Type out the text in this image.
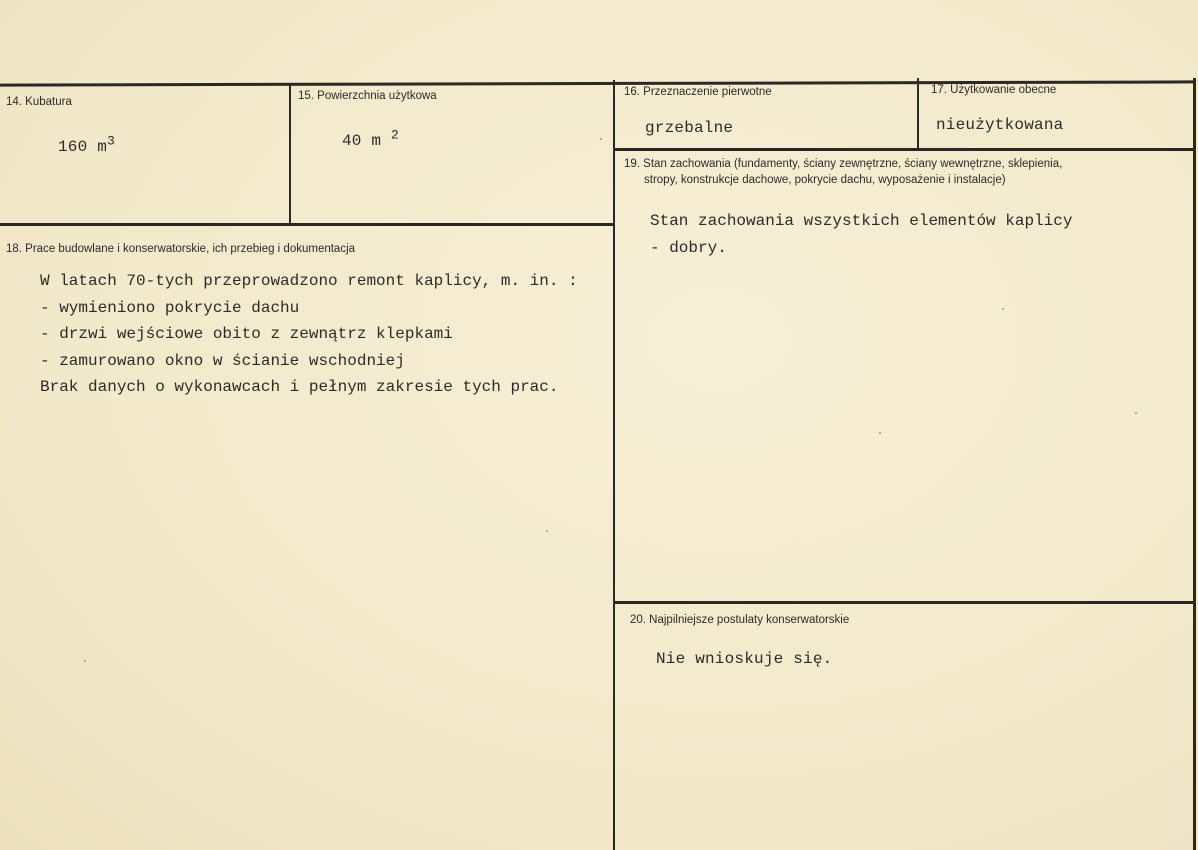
14. Kubatura
160 $m^3$
15. Powierzchnia użytkowa
40 m $^2$
16. Przeznaczenie pierwotne
grzebalne
17. Użytkowanie obecne
nieużytkowana
18. Prace budowlane i konserwatorskie, ich przebieg i dokumentacja
W latach 70-tych przeprowadzono remont kaplicy, m. in. :
- wymieniono pokrycie dachu
- drzwi wejściowe obito z zewnątrz klepkami
- zamurowano okno w ścianie wschodniej
Brak danych o wykonawcach i pełnym zakresie tych prac.
19. Stan zachowania (fundamenty, ściany zewnętrzne, ściany wewnętrzne, sklepienia,
stropy, konstrukcje dachowe, pokrycie dachu, wyposażenie i instalacje)
Stan zachowania wszystkich elementów kaplicy
- dobry.
20. Najpilniejsze postulaty konserwatorskie
Nie wnioskuje się.
